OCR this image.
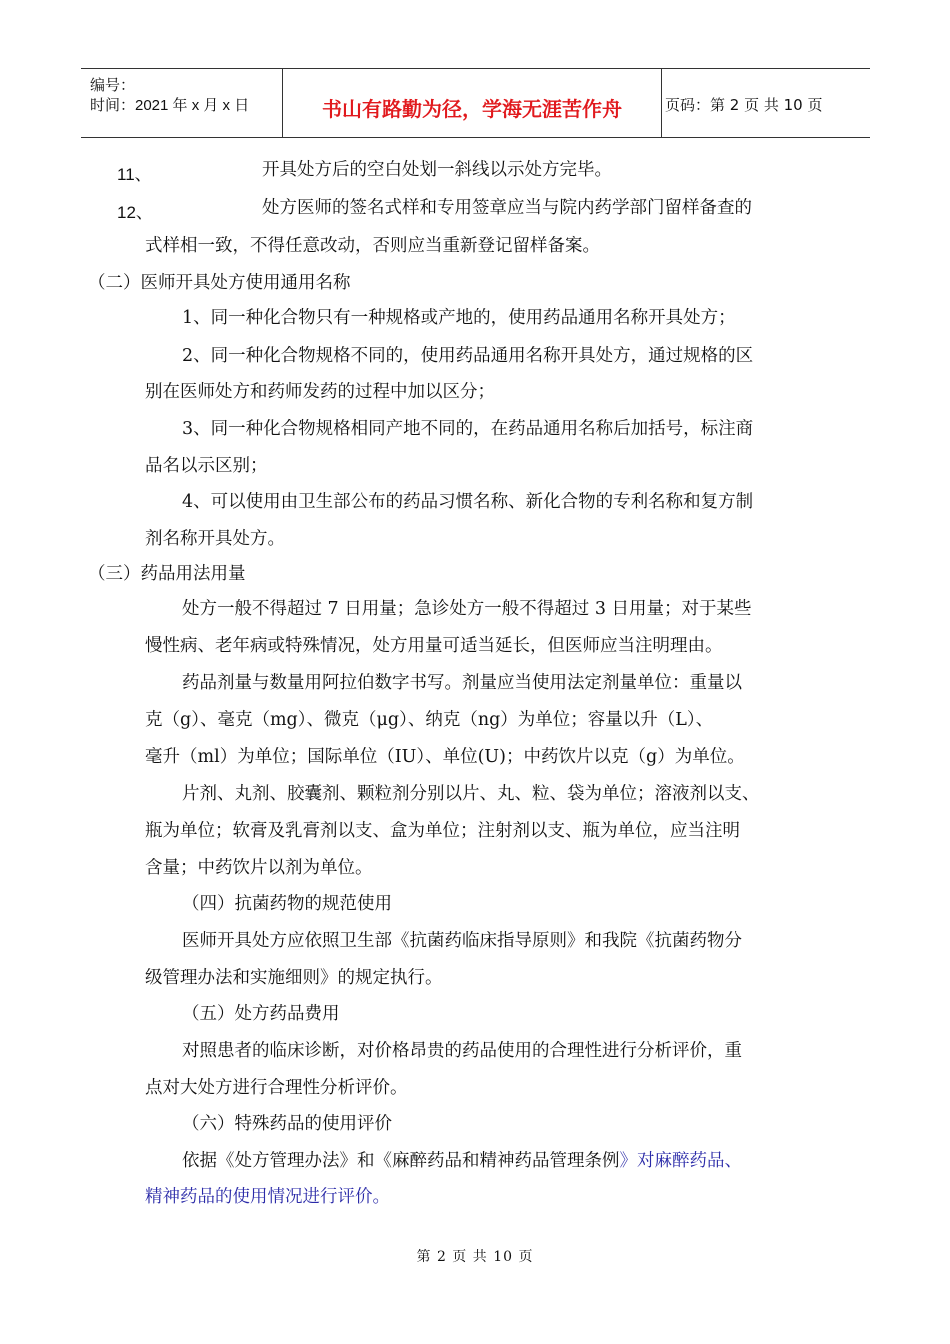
编号：
时间：2021 年 x 月 x 日	书山有路勤为径，学海无涯苦作舟	页码：第 2 页 共 10 页
11、	开具处方后的空白处划一斜线以示处方完毕。
12、	处方医师的签名式样和专用签章应当与院内药学部门留样备查的
式样相一致，不得任意改动，否则应当重新登记留样备案。
（二）医师开具处方使用通用名称
1、同一种化合物只有一种规格或产地的，使用药品通用名称开具处方；
2、同一种化合物规格不同的，使用药品通用名称开具处方，通过规格的区
别在医师处方和药师发药的过程中加以区分；
3、同一种化合物规格相同产地不同的，在药品通用名称后加括号，标注商
品名以示区别；
4、可以使用由卫生部公布的药品习惯名称、新化合物的专利名称和复方制
剂名称开具处方。
（三）药品用法用量
处方一般不得超过 7 日用量；急诊处方一般不得超过 3 日用量；对于某些
慢性病、老年病或特殊情况，处方用量可适当延长，但医师应当注明理由。
药品剂量与数量用阿拉伯数字书写。剂量应当使用法定剂量单位：重量以
克（g）、毫克（mg）、微克（μg）、纳克（ng）为单位；容量以升（L）、
毫升（ml）为单位；国际单位（IU）、单位(U)；中药饮片以克（g）为单位。
片剂、丸剂、胶囊剂、颗粒剂分别以片、丸、粒、袋为单位；溶液剂以支、
瓶为单位；软膏及乳膏剂以支、盒为单位；注射剂以支、瓶为单位，应当注明
含量；中药饮片以剂为单位。
（四）抗菌药物的规范使用
医师开具处方应依照卫生部《抗菌药临床指导原则》和我院《抗菌药物分
级管理办法和实施细则》的规定执行。
（五）处方药品费用
对照患者的临床诊断，对价格昂贵的药品使用的合理性进行分析评价，重
点对大处方进行合理性分析评价。
（六）特殊药品的使用评价
依据《处方管理办法》和《麻醉药品和精神药品管理条例》对麻醉药品、
精神药品的使用情况进行评价。
第 2 页 共 10 页
